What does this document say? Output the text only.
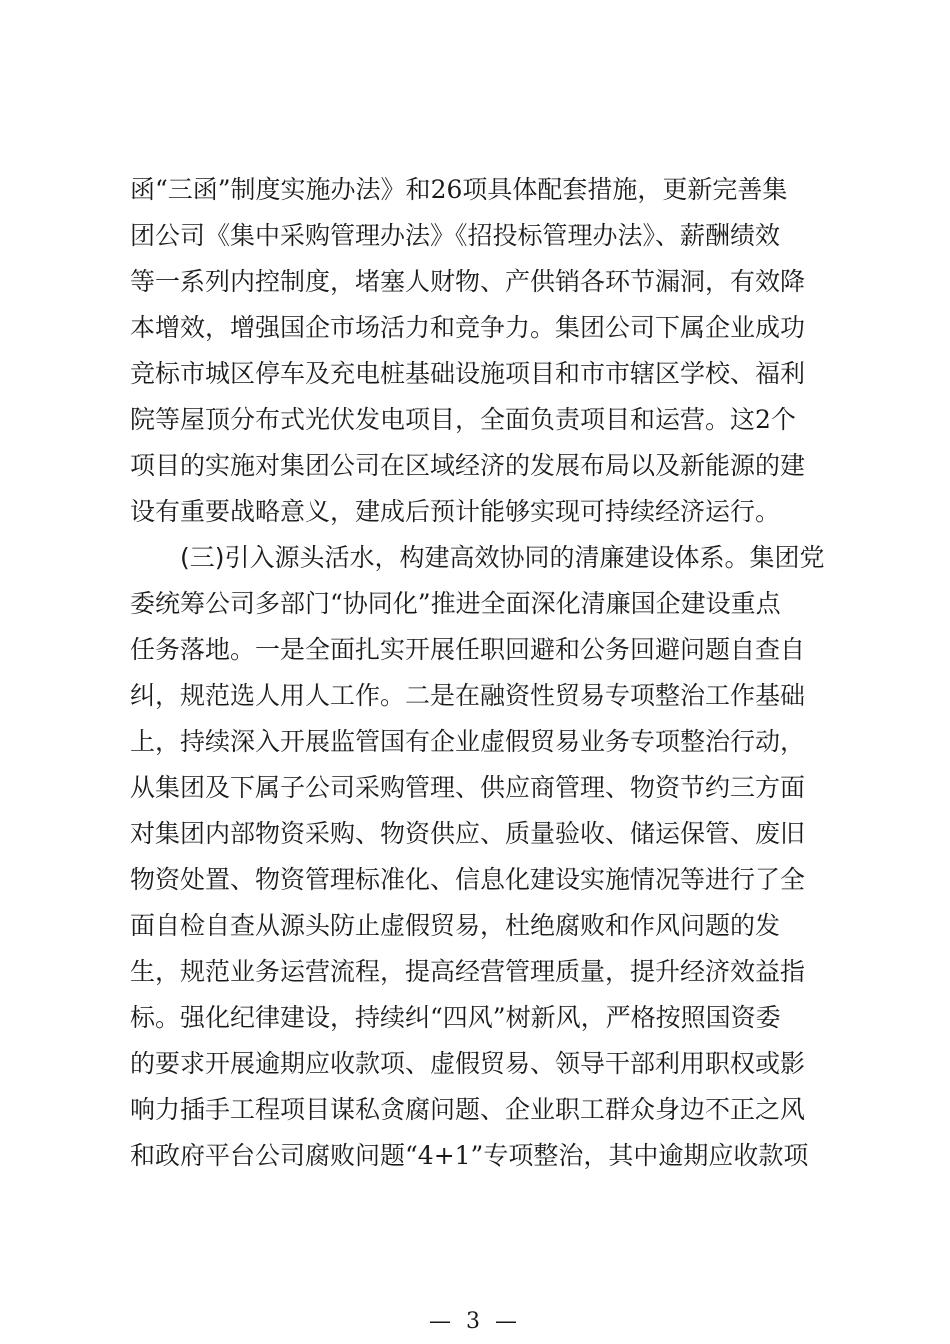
函“三函”制度实施办法》和26项具体配套措施，更新完善集
团公司《集中采购管理办法》《招投标管理办法》、薪酬绩效
等一系列内控制度，堵塞人财物、产供销各环节漏洞，有效降
本增效，增强国企市场活力和竞争力。集团公司下属企业成功
竞标市城区停车及充电桩基础设施项目和市市辖区学校、福利
院等屋顶分布式光伏发电项目，全面负责项目和运营。这2个
项目的实施对集团公司在区域经济的发展布局以及新能源的建
设有重要战略意义，建成后预计能够实现可持续经济运行。
(三)引入源头活水，构建高效协同的清廉建设体系。集团党
委统筹公司多部门“协同化”推进全面深化清廉国企建设重点
任务落地。一是全面扎实开展任职回避和公务回避问题自查自
纠，规范选人用人工作。二是在融资性贸易专项整治工作基础
上，持续深入开展监管国有企业虚假贸易业务专项整治行动，
从集团及下属子公司采购管理、供应商管理、物资节约三方面
对集团内部物资采购、物资供应、质量验收、储运保管、废旧
物资处置、物资管理标准化、信息化建设实施情况等进行了全
面自检自查从源头防止虚假贸易，杜绝腐败和作风问题的发
生，规范业务运营流程，提高经营管理质量，提升经济效益指
标。强化纪律建设，持续纠“四风”树新风，严格按照国资委
的要求开展逾期应收款项、虚假贸易、领导干部利用职权或影
响力插手工程项目谋私贪腐问题、企业职工群众身边不正之风
和政府平台公司腐败问题“4+1”专项整治，其中逾期应收款项
— 3 —
